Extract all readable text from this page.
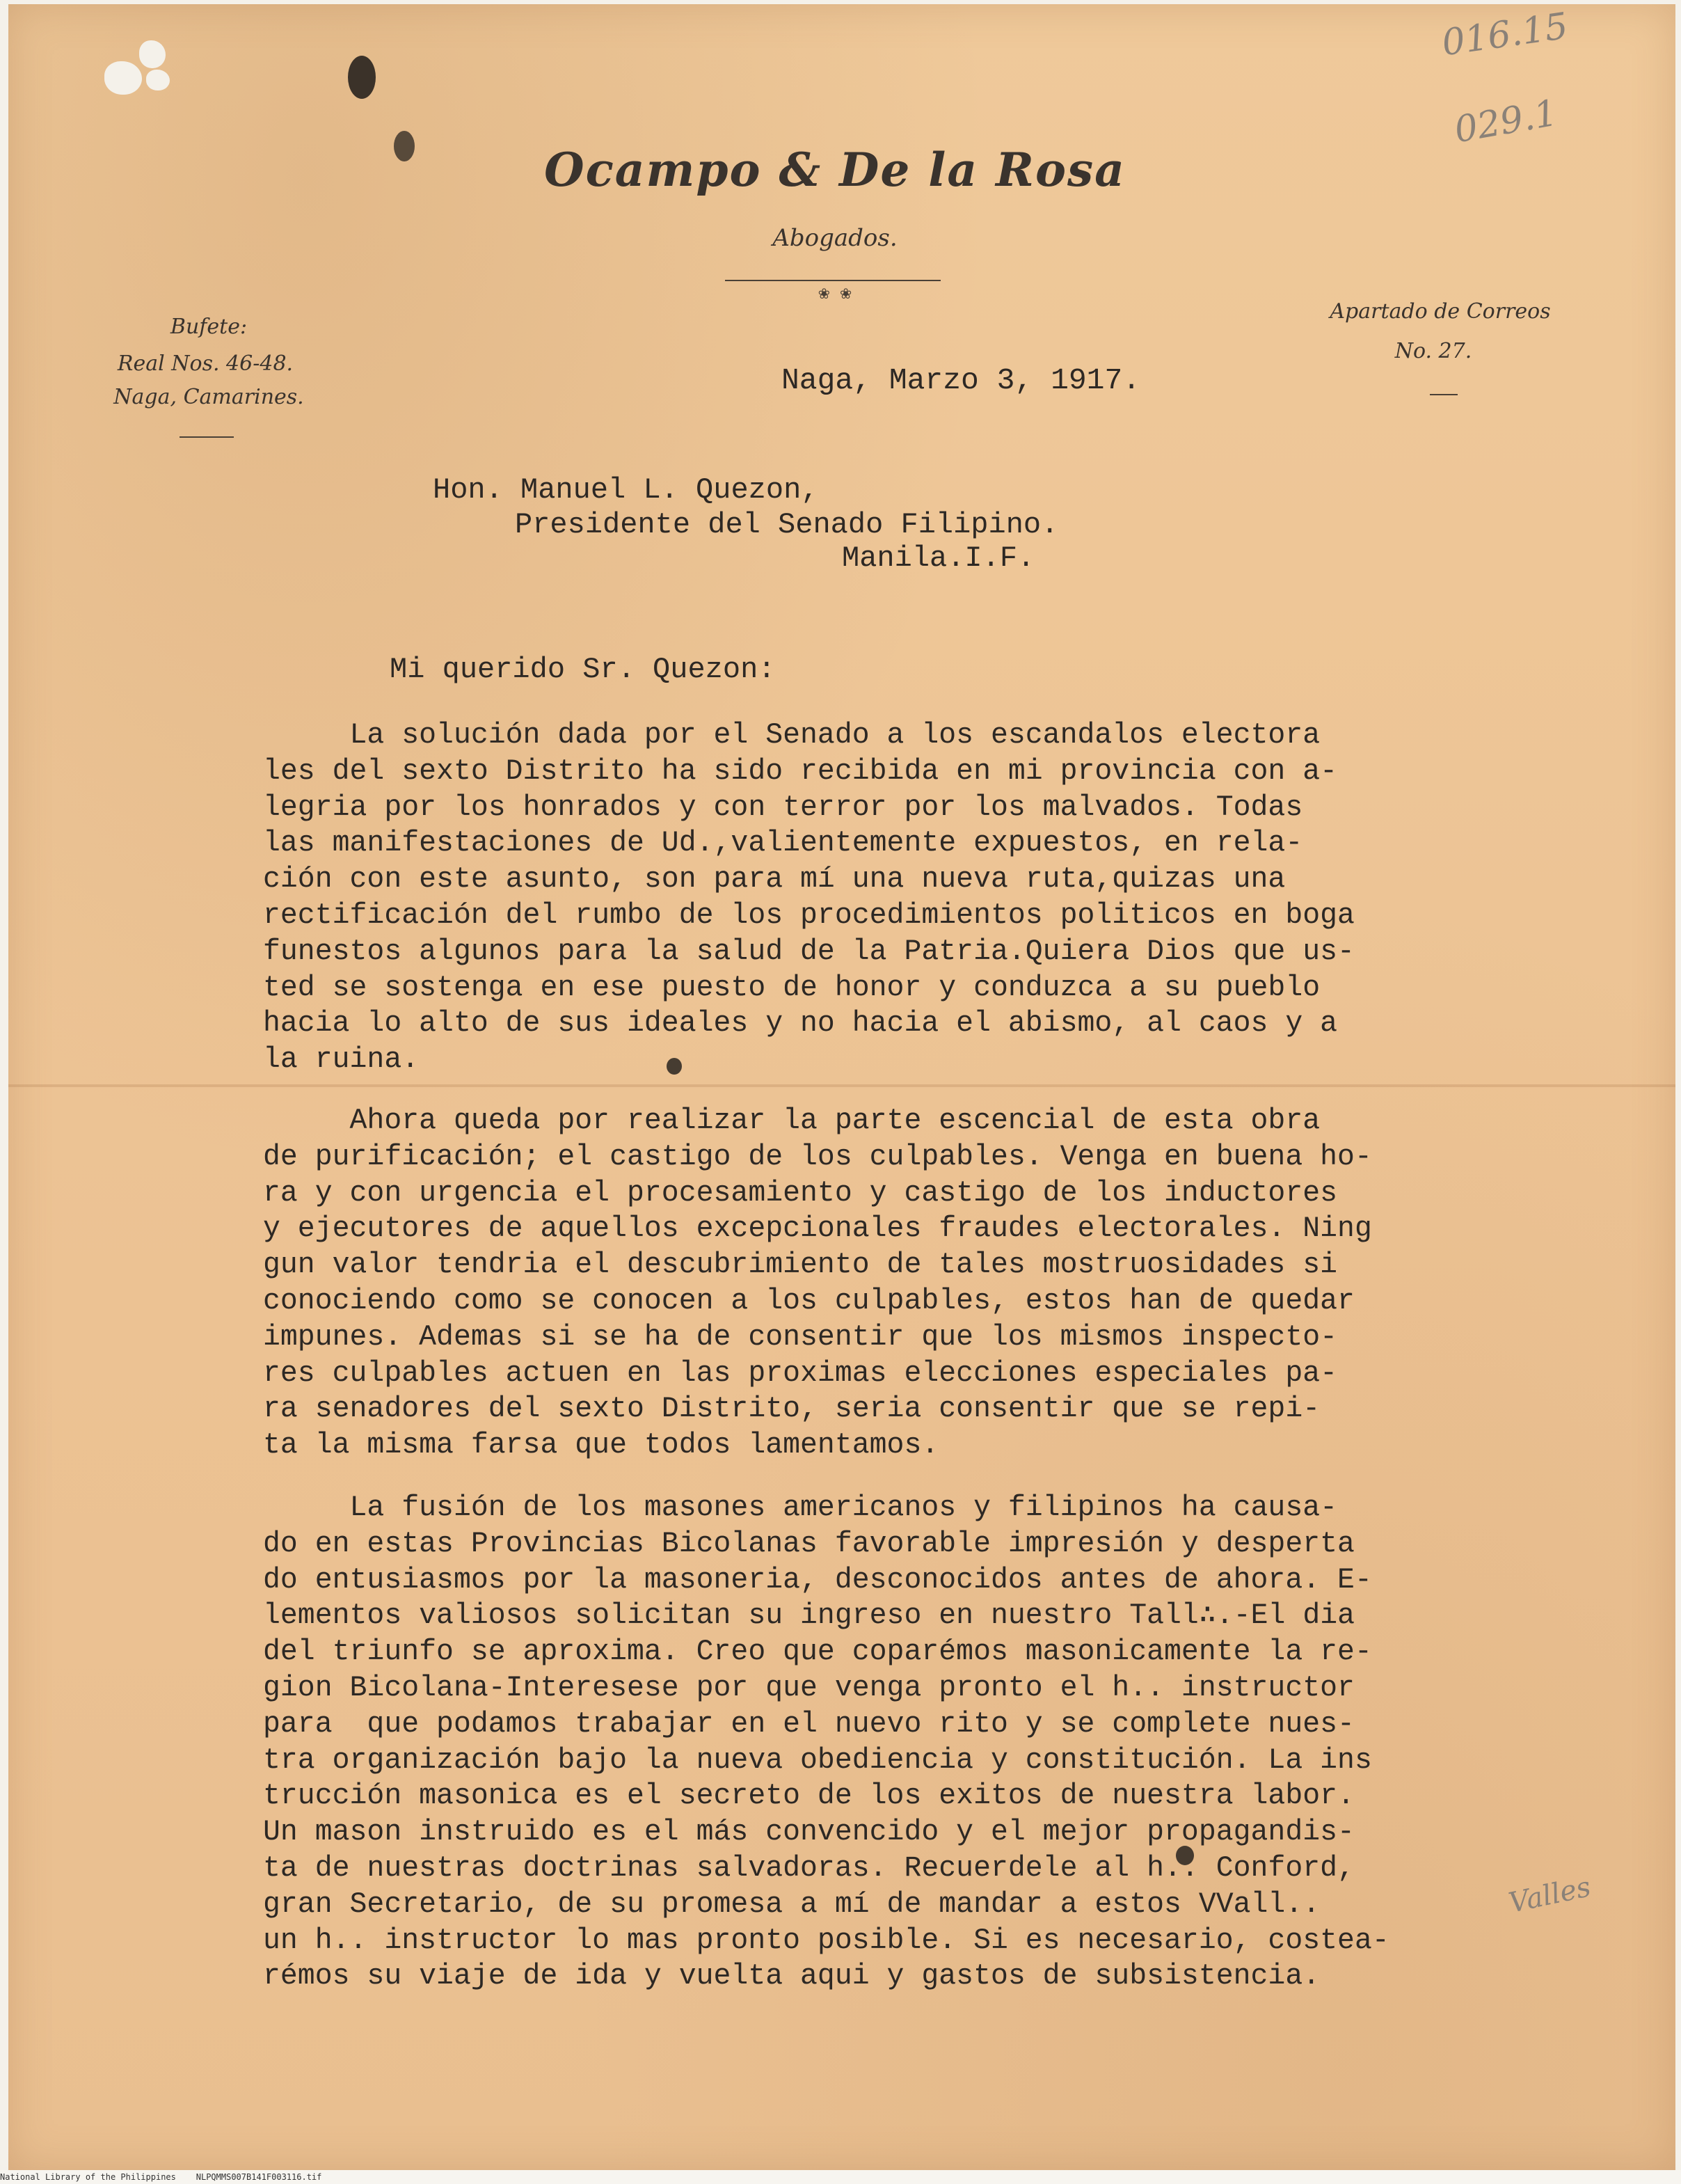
Ocampo & De la Rosa
Abogados.
❀ ❀
Bufete:
Real Nos. 46-48.
Naga, Camarines.
Apartado de Correos
No. 27.
Naga, Marzo 3, 1917.
Hon. Manuel L. Quezon,
Presidente del Senado Filipino.
Manila.I.F.
Mi querido Sr. Quezon:
La solución dada por el Senado a los escandalos electora
les del sexto Distrito ha sido recibida en mi provincia con a-
legria por los honrados y con terror por los malvados. Todas
las manifestaciones de Ud.,valientemente expuestos, en rela-
ción con este asunto, son para mí una nueva ruta,quizas una
rectificación del rumbo de los procedimientos politicos en boga
funestos algunos para la salud de la Patria.Quiera Dios que us-
ted se sostenga en ese puesto de honor y conduzca a su pueblo
hacia lo alto de sus ideales y no hacia el abismo, al caos y a
la ruina.
Ahora queda por realizar la parte escencial de esta obra
de purificación; el castigo de los culpables. Venga en buena ho-
ra y con urgencia el procesamiento y castigo de los inductores
y ejecutores de aquellos excepcionales fraudes electorales. Ning
gun valor tendria el descubrimiento de tales mostruosidades si
conociendo como se conocen a los culpables, estos han de quedar
impunes. Ademas si se ha de consentir que los mismos inspecto-
res culpables actuen en las proximas elecciones especiales pa-
ra senadores del sexto Distrito, seria consentir que se repi-
ta la misma farsa que todos lamentamos.
La fusión de los masones americanos y filipinos ha causa-
do en estas Provincias Bicolanas favorable impresión y desperta
do entusiasmos por la masoneria, desconocidos antes de ahora. E-
lementos valiosos solicitan su ingreso en nuestro Tall∴.-El dia
del triunfo se aproxima. Creo que coparémos masonicamente la re-
gion Bicolana-Interesese por que venga pronto el h.. instructor
para  que podamos trabajar en el nuevo rito y se complete nues-
tra organización bajo la nueva obediencia y constitución. La ins
trucción masonica es el secreto de los exitos de nuestra labor.
Un mason instruido es el más convencido y el mejor propagandis-
ta de nuestras doctrinas salvadoras. Recuerdele al h.. Conford,
gran Secretario, de su promesa a mí de mandar a estos VVall..
un h.. instructor lo mas pronto posible. Si es necesario, costea-
rémos su viaje de ida y vuelta aqui y gastos de subsistencia.
016.15
029.1
Valles
National Library of the Philippines    NLPQMMS007B141F003116.tif
